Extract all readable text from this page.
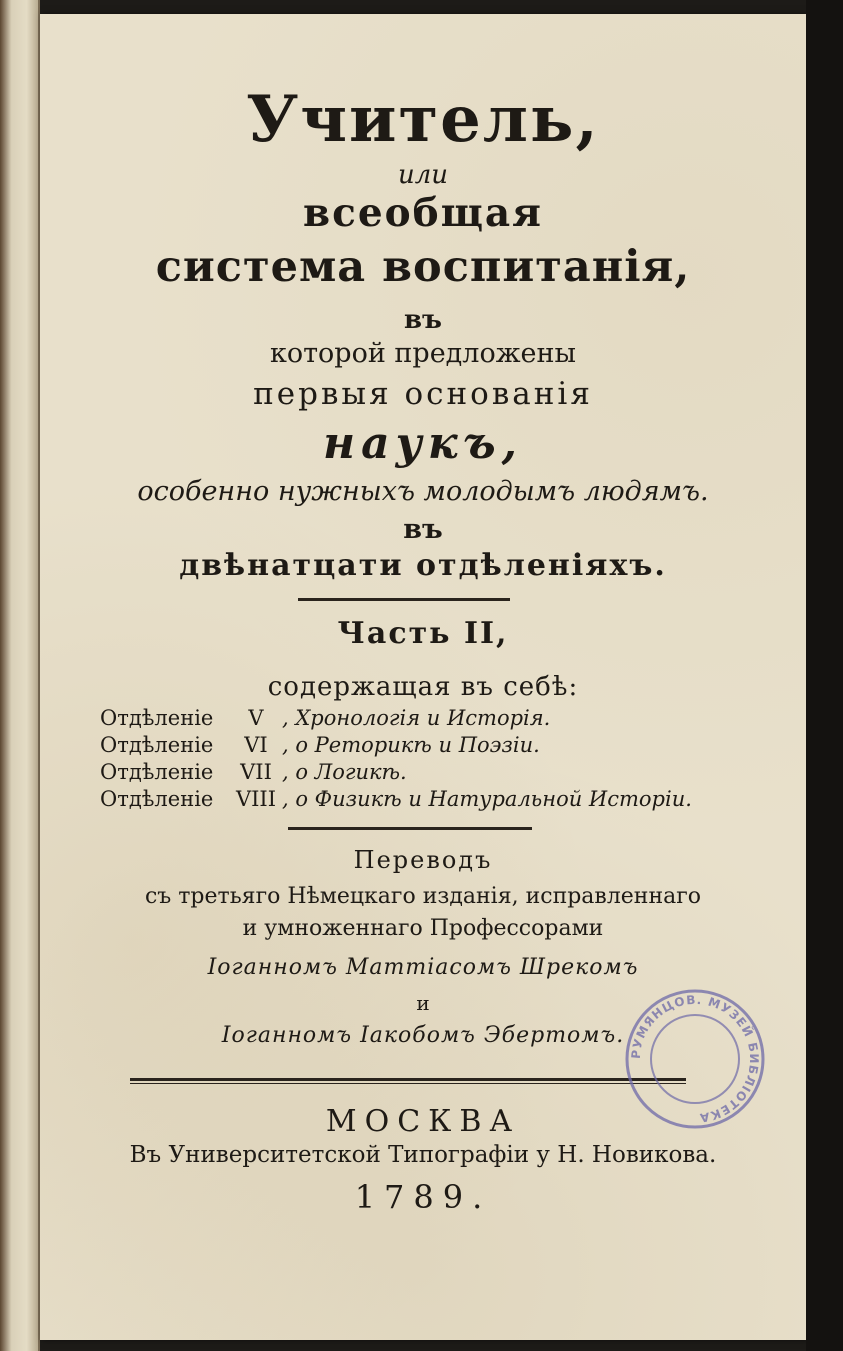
Учитель,
или
всеобщая
система воспитанія,
въ
которой предложены
первыя основанія
наукъ,
особенно нужныхъ молодымъ людямъ.
въ
двѣнатцати отдѣленіяхъ.
Часть II,
содержащая въ себѣ:
Отдѣленіе V , Хронологія и Исторія.
Отдѣленіе VI , о Реторикѣ и Поэзіи.
Отдѣленіе VII , о Логикѣ.
Отдѣленіе VIII , о Физикѣ и Натуральной Исторіи.
Переводъ
съ третьяго Нѣмецкаго изданія, исправленнаго
и умноженнаго Профессорами
Іоганномъ Маттіасомъ Шрекомъ
и
Іоганномъ Іакобомъ Эбертомъ.
МОСКВА
Въ Университетской Типографіи у Н. Новикова.
1789.
РУМЯНЦОВ. МУЗЕЙ БИБЛІОТЕКА
